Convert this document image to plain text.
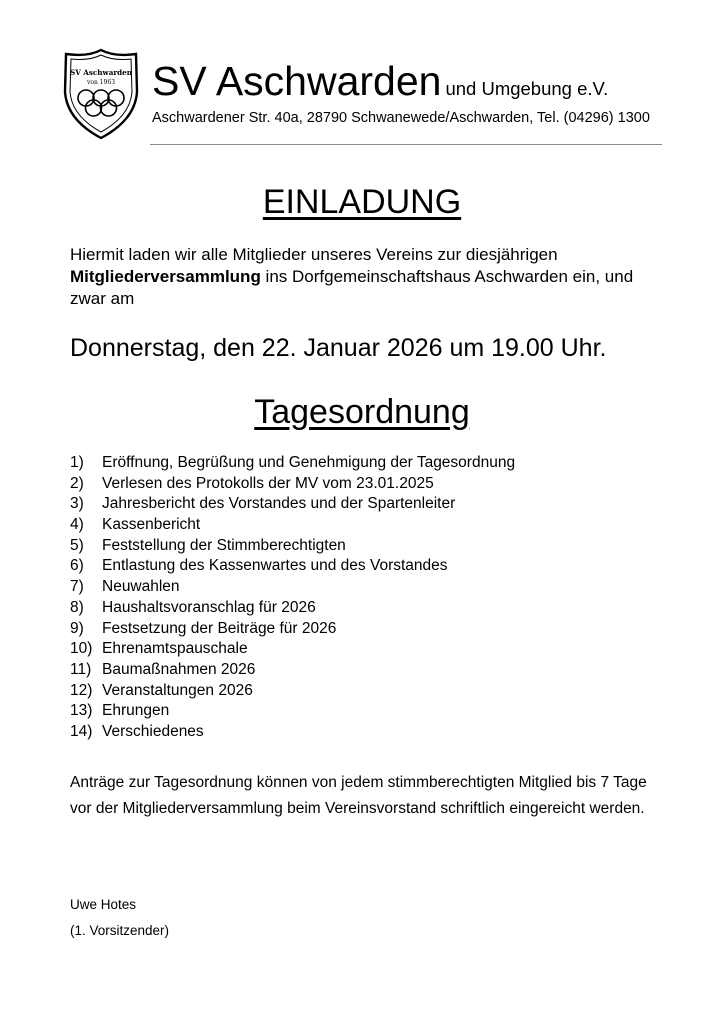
SV Aschwarden
von 1963 SV Aschwarden und Umgebung e.V.
Aschwardener Str. 40a, 28790 Schwanewede/Aschwarden, Tel. (04296) 1300
EINLADUNG
Hiermit laden wir alle Mitglieder unseres Vereins zur diesjährigen Mitgliederversammlung ins Dorfgemeinschaftshaus Aschwarden ein, und zwar am
Donnerstag, den 22. Januar 2026 um 19.00 Uhr.
Tagesordnung
1) Eröffnung, Begrüßung und Genehmigung der Tagesordnung
2) Verlesen des Protokolls der MV vom 23.01.2025
3) Jahresbericht des Vorstandes und der Spartenleiter
4) Kassenbericht
5) Feststellung der Stimmberechtigten
6) Entlastung des Kassenwartes und des Vorstandes
7) Neuwahlen
8) Haushaltsvoranschlag für 2026
9) Festsetzung der Beiträge für 2026
10) Ehrenamtspauschale
11) Baumaßnahmen 2026
12) Veranstaltungen 2026
13) Ehrungen
14) Verschiedenes
Anträge zur Tagesordnung können von jedem stimmberechtigten Mitglied bis 7 Tage vor der Mitgliederversammlung beim Vereinsvorstand schriftlich eingereicht werden.
Uwe Hotes
(1. Vorsitzender)
